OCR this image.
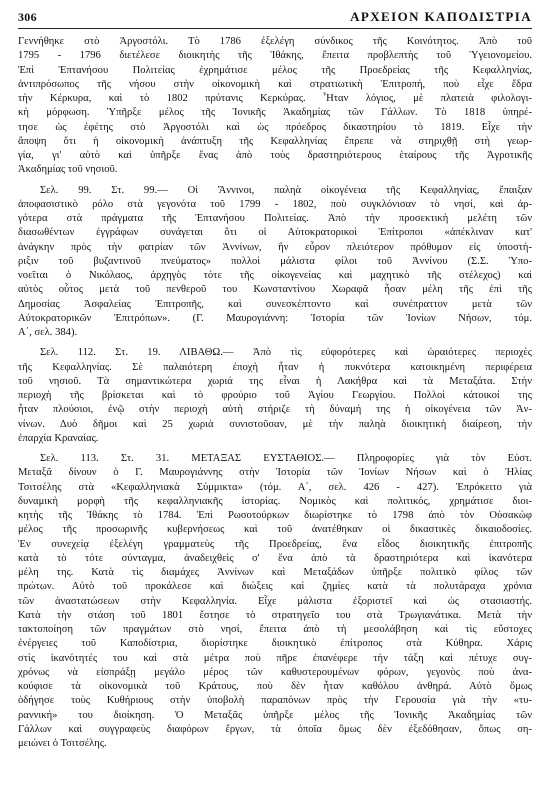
306	ΑΡΧΕΙΟΝ ΚΑΠΟΔΙΣΤΡΙΑ
Γεννήθηκε στὸ Ἀργοστόλι. Τὸ 1786 ἐξελέγη σύνδικος τῆς Κοινότητος. Ἀπὸ τοῦ
1795 - 1796 διετέλεσε διοικητὴς τῆς Ἰθάκης, ἔπειτα προβλεπτὴς τοῦ Ὑγειονομείου.
Ἐπὶ Ἑπτανήσου Πολιτείας ἐχρημάτισε μέλος τῆς Προεδρείας τῆς Κεφαλληνίας,
ἀντιπρόσωπος τῆς νήσου στὴν οἰκονομικὴ καὶ στρατιωτικὴ Ἐπιτροπή, ποὺ εἶχε ἕδρα
τὴν Κέρκυρα, καὶ τὸ 1802 πρύτανις Κερκύρας. Ἦταν λόγιος, μὲ πλατειὰ φιλολογι-
κὴ μόρφωση. Ὑπῆρξε μέλος τῆς Ἰονικῆς Ἀκαδημίας τῶν Γάλλων. Τὸ 1818 ὑπηρέ-
τησε ὡς ἐφέτης στὸ Ἀργοστόλι καὶ ὡς πρόεδρος δικαστηρίου τὸ 1819. Εἶχε τὴν
ἄποψη ὅτι ἡ οἰκονομικὴ ἀνάπτυξη τῆς Κεφαλληνίας ἔπρεπε νὰ στηριχθῇ στὴ γεωρ-
γία, γι' αὐτὸ καὶ ὑπῆρξε ἕνας ἀπὸ τοὺς δραστηριότερους ἑταίρους τῆς Ἀγροτικῆς
Ἀκαδημίας τοῦ νησιοῦ.
Σελ. 99. Στ. 99.— Οἱ Ἄννινοι, παληὰ οἰκογένεια τῆς Κεφαλληνίας, ἔπαιξαν
ἀποφασιστικὸ ρόλο στὰ γεγονότα τοῦ 1799 - 1802, ποὺ συγκλόνισαν τὸ νησί, καὶ ἀρ-
γότερα στὰ πράγματα τῆς Ἑπτανήσου Πολιτείας. Ἀπὸ τὴν προσεκτικὴ μελέτη τῶν
διασωθέντων ἐγγράφων συνάγεται ὅτι οἱ Αὐτοκρατορικοὶ Ἐπίτροποι «ἀπέκλιναν κατ'
ἀνάγκην πρὸς τὴν φατρίαν τῶν Ἀννίνων, ἣν εὗρον πλειότερον πρόθυμον εἰς ὑποστή-
ριξιν τοῦ βυζαντινοῦ πνεύματος» πολλοὶ μάλιστα φίλοι τοῦ Ἀννίνου (Σ.Σ. Ὑπο-
νοεῖται ὁ Νικόλαος, ἀρχηγὸς τότε τῆς οἰκογενείας καὶ μαχητικὸ τῆς στέλεχος) καὶ
αὐτὸς οὗτος μετὰ τοῦ πενθεροῦ του Κωνσταντίνου Χωραφᾶ ἦσαν μέλη τῆς ἐπὶ τῆς
Δημοσίας Ἀσφαλείας Ἐπιτροπῆς, καὶ συνεσκέπτοντο καὶ συνέπραττον μετὰ τῶν
Αὐτοκρατορικῶν Ἐπιτρόπων». (Γ. Μαυρογιάννη: Ἱστορία τῶν Ἰονίων Νήσων, τόμ.
Α΄, σελ. 384).
Σελ. 112. Στ. 19. ΛΙΒΑΘΩ.— Ἀπὸ τὶς εὐφορότερες καὶ ὡραιότερες περιοχὲς
τῆς Κεφαλληνίας. Σὲ παλαιότερη ἐποχὴ ἦταν ἡ πυκνότερα κατοικημένη περιφέρεια
τοῦ νησιοῦ. Τὰ σημαντικώτερα χωριά της εἶναι ἡ Λακήθρα καὶ τὰ Μεταξάτα. Στὴν
περιοχὴ τῆς βρίσκεται καὶ τὸ φρούριο τοῦ Ἁγίου Γεωργίου. Πολλοὶ κάτοικοί της
ἦταν πλούσιοι, ἐνῷ στὴν περιοχὴ αὐτὴ στήριζε τὴ δύναμή της ἡ οἰκογένεια τῶν Ἀν-
νίνων. Δυὸ δῆμοι καὶ 25 χωριὰ συνιστοῦσαν, μὲ τὴν παληὰ διοικητικὴ διαίρεση, τὴν
ἐπαρχία Κραναίας.
Σελ. 113. Στ. 31. ΜΕΤΑΞΑΣ ΕΥΣΤΑΘΙΟΣ.— Πληροφορίες γιὰ τὸν Εὐστ.
Μεταξᾶ δίνουν ὁ Γ. Μαυρογιάννης στὴν Ἱστορία τῶν Ἰονίων Νήσων καὶ ὁ Ἠλίας
Τσιτσέλης στὰ «Κεφαλληνιακὰ Σύμμικτα» (τόμ. Α΄, σελ. 426 - 427). Ἐπρόκειτο γιὰ
δυναμικὴ μορφὴ τῆς κεφαλληνιακῆς ἱστορίας. Νομικὸς καὶ πολιτικός, χρημάτισε διοι-
κητὴς τῆς Ἰθάκης τὸ 1784. Ἐπὶ Ρωσοτούρκων διωρίστηκε τὸ 1798 ἀπὸ τὸν Οὐσακὼφ
μέλος τῆς προσωρινῆς κυβερνήσεως καὶ τοῦ ἀνατέθηκαν οἱ δικαστικὲς δικαιοδοσίες.
Ἐν συνεχείᾳ ἐξελέγη γραμματεὺς τῆς Προεδρείας, ἕνα εἶδος διοικητικῆς ἐπιτροπῆς
κατὰ τὸ τότε σύνταγμα, ἀναδειχθεὶς σ' ἕνα ἀπὸ τὰ δραστηριότερα καὶ ἱκανότερα
μέλη της. Κατὰ τὶς διαμάχες Ἀννίνων καὶ Μεταξάδων ὑπῆρξε πολιτικὸ φίλος τῶν
πρώτων. Αὐτὸ τοῦ προκάλεσε καὶ διώξεις καὶ ζημίες κατὰ τὰ πολυτάραχα χρόνια
τῶν ἀναστατώσεων στὴν Κεφαλληνία. Εἶχε μάλιστα ἐξοριστεῖ καὶ ὡς στασιαστής.
Κατὰ τὴν στάση τοῦ 1801 ἔστησε τὸ στρατηγεῖο του στὰ Τρωγιανάτικα. Μετὰ τὴν
τακτοποίηση τῶν πραγμάτων στὸ νησί, ἔπειτα ἀπὸ τὴ μεσολάβηση καὶ τὶς εὔστοχες
ἐνέργειες τοῦ Καποδίστρια, διορίστηκε διοικητικὸ ἐπίτροπος στὰ Κύθηρα. Χάρις
στὶς ἱκανότητές του καὶ στὰ μέτρα ποὺ πῆρε ἐπανέφερε τὴν τάξη καὶ πέτυχε συγ-
χρόνως νὰ εἰσπράξῃ μεγάλο μέρος τῶν καθυστερουμένων φόρων, γεγονὸς ποὺ ἀνα-
κούφισε τὰ οἰκονομικὰ τοῦ Κράτους, ποὺ δὲν ἦταν καθόλου ἀνθηρά. Αὐτὸ ὅμως
ὁδήγησε τοὺς Κυθήριους στὴν ὑποβολὴ παραπόνων πρὸς τὴν Γερουσία γιὰ τὴν «τυ-
ραννική» του διοίκηση. Ὁ Μεταξᾶς ὑπῆρξε μέλος τῆς Ἰονικῆς Ἀκαδημίας τῶν
Γάλλων καὶ συγγραφεὺς διαφόρων ἔργων, τὰ ὁποῖα ὅμως δὲν ἐξεδόθησαν, ὅπως ση-
μειώνει ὁ Τσιτσέλης.
